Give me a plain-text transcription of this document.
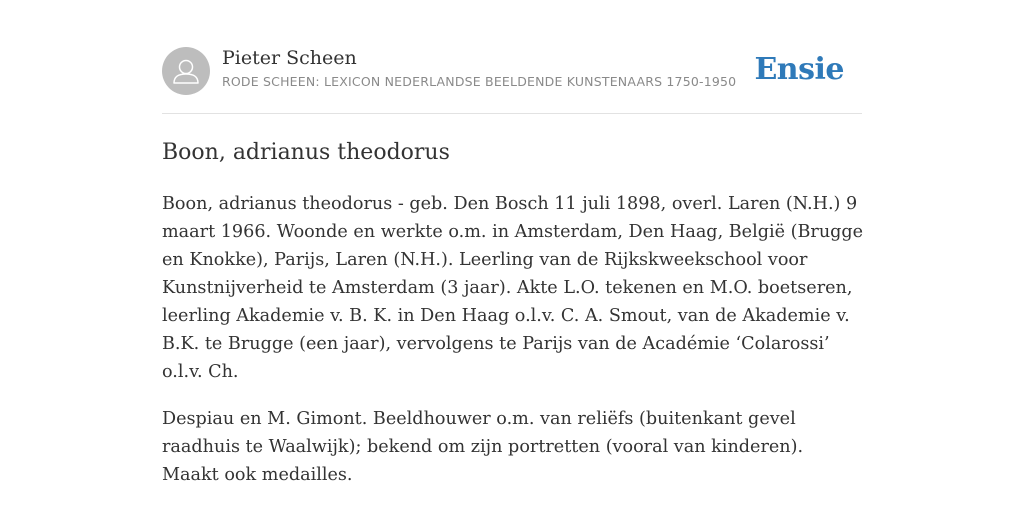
Pieter Scheen
RODE SCHEEN: LEXICON NEDERLANDSE BEELDENDE KUNSTENAARS 1750-1950 Ensie
Boon, adrianus theodorus

Boon, adrianus theodorus - geb. Den Bosch 11 juli 1898, overl. Laren (N.H.) 9 maart 1966. Woonde en werkte o.m. in Amsterdam, Den Haag, België (Brugge en Knokke), Parijs, Laren (N.H.). Leerling van de Rijkskweekschool voor Kunstnijverheid te Amsterdam (3 jaar). Akte L.O. tekenen en M.O. boetseren, leerling Akademie v. B. K. in Den Haag o.l.v. C. A. Smout, van de Akademie v. B.K. te Brugge (een jaar), vervolgens te Parijs van de Académie ‘Colarossi’ o.l.v. Ch.

Despiau en M. Gimont. Beeldhouwer o.m. van reliëfs (buitenkant gevel raadhuis te Waalwijk); bekend om zijn portretten (vooral van kinderen). Maakt ook medailles.
